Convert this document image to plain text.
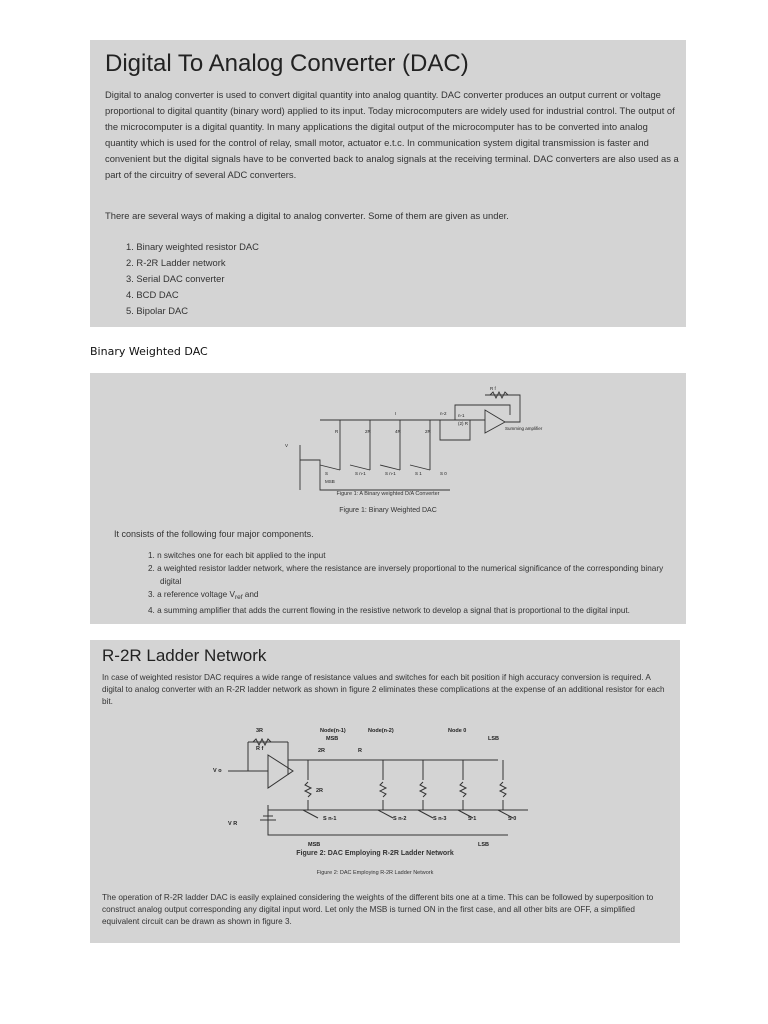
Digital To Analog Converter (DAC)
Digital to analog converter is used to convert digital quantity into analog quantity. DAC converter produces an output current or voltage proportional to digital quantity (binary word) applied to its input. Today microcomputers are widely used for industrial control. The output of the microcomputer is a digital quantity. In many applications the digital output of the microcomputer has to be converted into analog quantity which is used for the control of relay, small motor, actuator e.t.c. In communication system digital transmission is faster and convenient but the digital signals have to be converted back to analog signals at the receiving terminal. DAC converters are also used as a part of the circuitry of several ADC converters.
There are several ways of making a digital to analog converter. Some of them are given as under.
1. Binary weighted resistor DAC
2. R-2R Ladder network
3. Serial DAC converter
4. BCD DAC
5. Bipolar DAC
Binary Weighted DAC
R f
I	n-2
R	2R	4R	2R
Summing amplifier
V
S
MSB
S n-1	S n-1	S 1	S 0
n-1
(2) R
Figure 1: A Binary weighted D/A Converter
Figure 1: Binary Weighted DAC
It consists of the following four major components.
1. n switches one for each bit applied to the input
2. a weighted resistor ladder network, where the resistance are inversely proportional to the numerical significance of the corresponding binary digital
3. a reference voltage $V_{ref}$ and
4. a summing amplifier that adds the current flowing in the resistive network to develop a signal that is proportional to the digital input.
R-2R Ladder Network
In case of weighted resistor DAC requires a wide range of resistance values and switches for each bit position if high accuracy conversion is required. A digital to analog converter with an R-2R ladder network as shown in figure 2 eliminates these complications at the expense of an additional resistor for each bit.
3R
R f
V o
Node(n-1)	Node(n-2)	Node 0
MSB	LSB
2R	R
2R
V R
S n-1	S n-2	S n-3	S 1	S 0
MSB	LSB
Figure 2: DAC Employing R-2R Ladder Network
Figure 2: DAC Employing R-2R Ladder Network
The operation of R-2R ladder DAC is easily explained considering the weights of the different bits one at a time. This can be followed by superposition to construct analog output corresponding any digital input word. Let only the MSB is turned ON in the first case, and all other bits are OFF, a simplified equivalent circuit can be drawn as shown in figure 3.
